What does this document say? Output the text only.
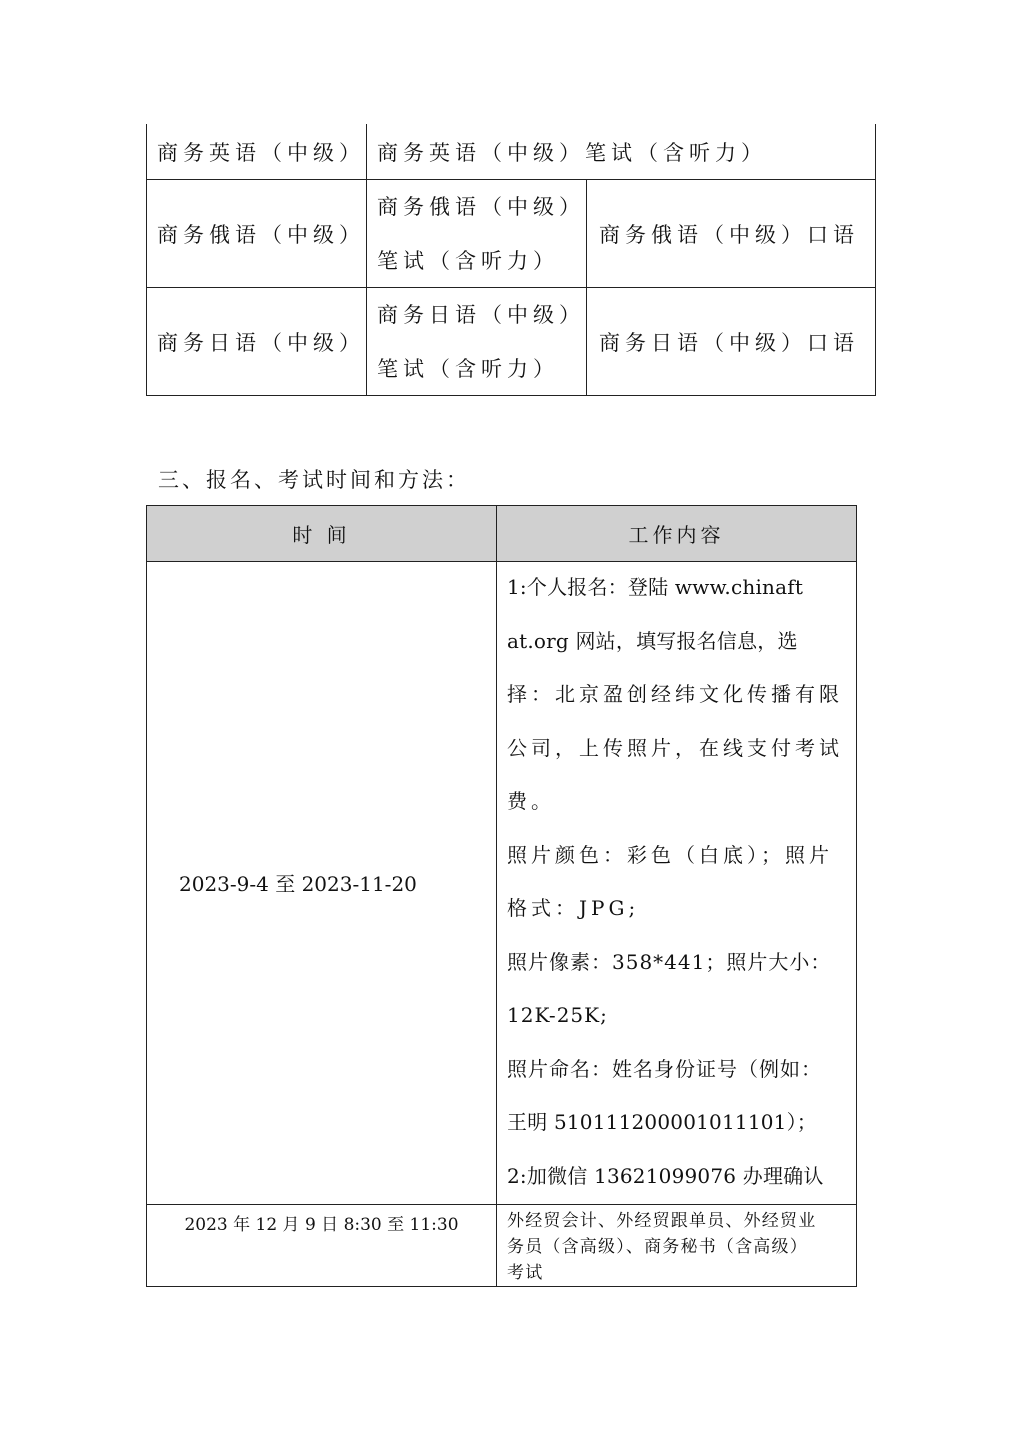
商务英语（中级） 商务英语（中级）笔试（含听力）
商务俄语（中级）
商务俄语（中级）
笔试（含听力）
商务俄语（中级）口语
商务日语（中级）
商务日语（中级）
笔试（含听力）
商务日语（中级）口语
三、报名、考试时间和方法：
时 间	工作内容
2023-9-4 至 2023-11-20
1:个人报名：登陆 www.chinaft
at.org 网站，填写报名信息，选
择：北京盈创经纬文化传播有限
公司，上传照片，在线支付考试
费。
照片颜色：彩色（白底）；照片
格式：JPG;
照片像素：358*441；照片大小：
12K-25K;
照片命名：姓名身份证号（例如：
王明 510111200001011101）；
2:加微信 13621099076 办理确认
2023 年 12 月 9 日 8:30 至 11:30	外经贸会计、外经贸跟单员、外经贸业
务员（含高级）、商务秘书（含高级）
考试
